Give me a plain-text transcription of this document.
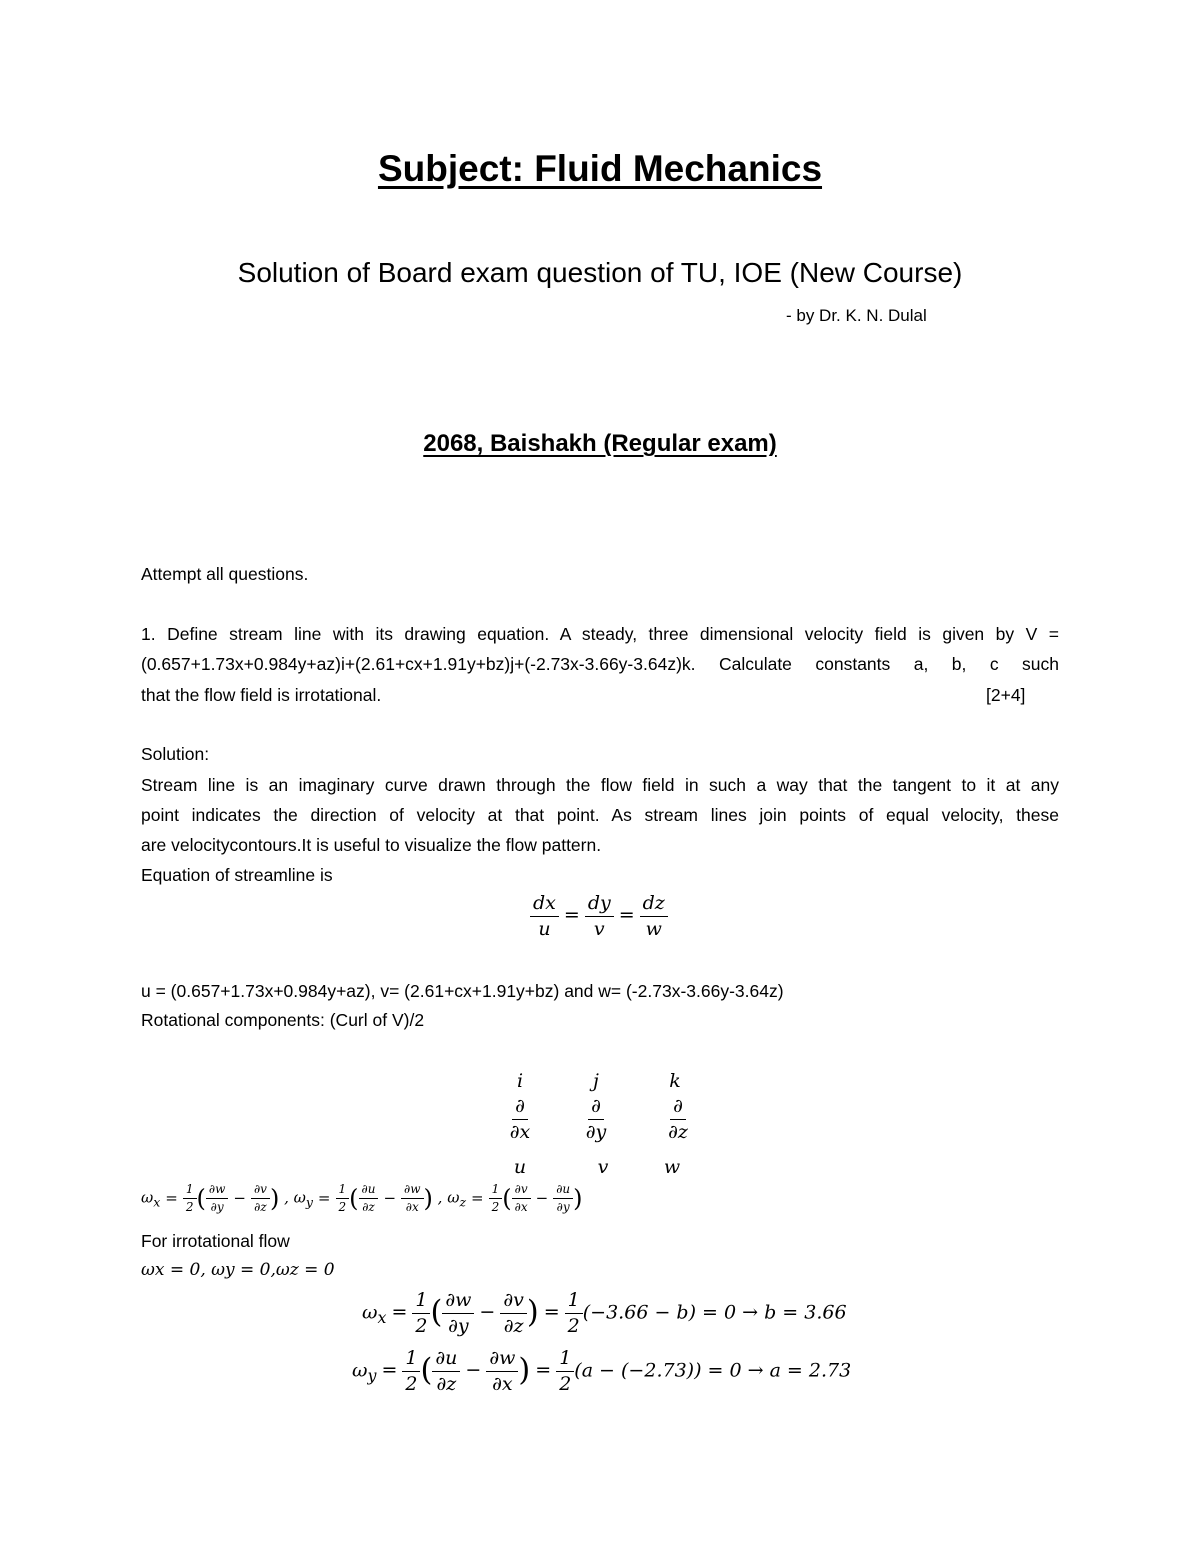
Subject: Fluid Mechanics
Solution of Board exam question of TU, IOE (New Course)
- by Dr. K. N. Dulal
2068, Baishakh (Regular exam)
Attempt all questions.
1. Define stream line with its drawing equation. A steady, three dimensional velocity field is given by V =
(0.657+1.73x+0.984y+az)i+(2.61+cx+1.91y+bz)j+(-2.73x-3.66y-3.64z)k. Calculate constants a, b, c such
that the flow field is irrotational.	[2+4]
Solution:
Stream line is an imaginary curve drawn through the flow field in such a way that the tangent to it at any
point indicates the direction of velocity at that point. As stream lines join points of equal velocity, these
are velocitycontours.It is useful to visualize the flow pattern.
Equation of streamline is
$\frac{dx}{u} = \frac{dy}{v} = \frac{dz}{w}$
u = (0.657+1.73x+0.984y+az), v= (2.61+cx+1.91y+bz) and w= (-2.73x-3.66y-3.64z)
Rotational components: (Curl of V)/2
i	j	k
$\frac{\partial}{\partial x}$	$\frac{\partial}{\partial y}$	$\frac{\partial}{\partial z}$
u	v	w
$\omega_x = \frac{1}{2}$ ( $\frac{\partial w}{\partial y} - \frac{\partial v}{\partial z}$ ) , $\omega_y = \frac{1}{2}$ ( $\frac{\partial u}{\partial z} - \frac{\partial w}{\partial x}$ ) , $\omega_z = \frac{1}{2}$ ( $\frac{\partial v}{\partial x} - \frac{\partial u}{\partial y}$ )
For irrotational flow
ωx = 0, ωy = 0,ωz = 0
$\omega_x = \frac{1}{2}$ ( $\frac{\partial w}{\partial y} - \frac{\partial v}{\partial z}$ ) = $\frac{1}{2} (-3.66 - b) = 0 \to b = 3.66$
$\omega_y = \frac{1}{2}$ ( $\frac{\partial u}{\partial z} - \frac{\partial w}{\partial x}$ ) = $\frac{1}{2} (a - (-2.73)) = 0 \to a = 2.73$
